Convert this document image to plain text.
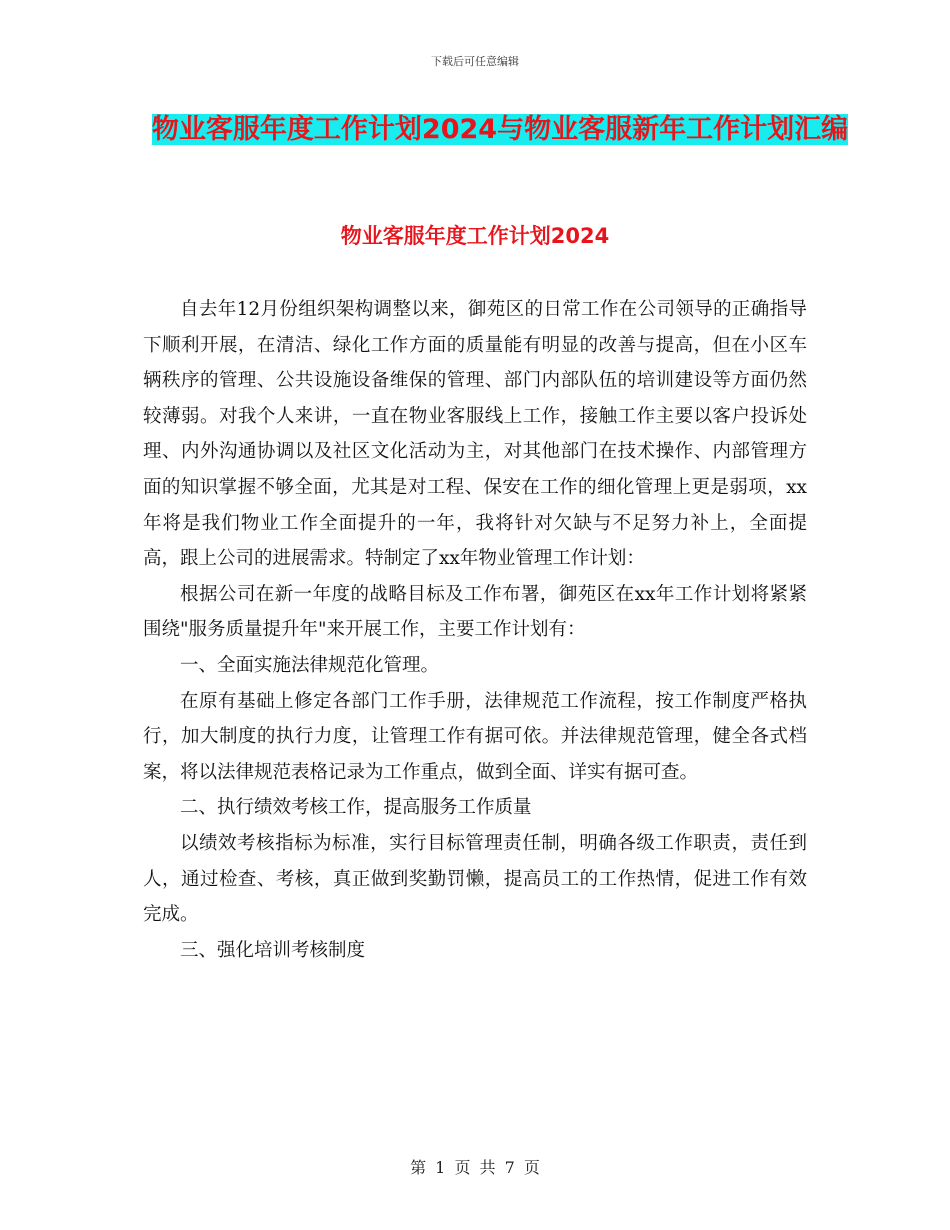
下载后可任意编辑
物业客服年度工作计划2024与物业客服新年工作计划汇编
物业客服年度工作计划2024

自去年12月份组织架构调整以来，御苑区的日常工作在公司领导的正确指导下顺利开展，在清洁、绿化工作方面的质量能有明显的改善与提高，但在小区车辆秩序的管理、公共设施设备维保的管理、部门内部队伍的培训建设等方面仍然较薄弱。对我个人来讲，一直在物业客服线上工作，接触工作主要以客户投诉处理、内外沟通协调以及社区文化活动为主，对其他部门在技术操作、内部管理方面的知识掌握不够全面，尤其是对工程、保安在工作的细化管理上更是弱项，xx年将是我们物业工作全面提升的一年，我将针对欠缺与不足努力补上，全面提高，跟上公司的进展需求。特制定了xx年物业管理工作计划：

根据公司在新一年度的战略目标及工作布署，御苑区在xx年工作计划将紧紧围绕"服务质量提升年"来开展工作，主要工作计划有：

一、全面实施法律规范化管理。

在原有基础上修定各部门工作手册，法律规范工作流程，按工作制度严格执行，加大制度的执行力度，让管理工作有据可依。并法律规范管理，健全各式档案，将以法律规范表格记录为工作重点，做到全面、详实有据可查。

二、执行绩效考核工作，提高服务工作质量

以绩效考核指标为标准，实行目标管理责任制，明确各级工作职责，责任到人，通过检查、考核，真正做到奖勤罚懒，提高员工的工作热情，促进工作有效完成。

三、强化培训考核制度

第 1 页 共 7 页
